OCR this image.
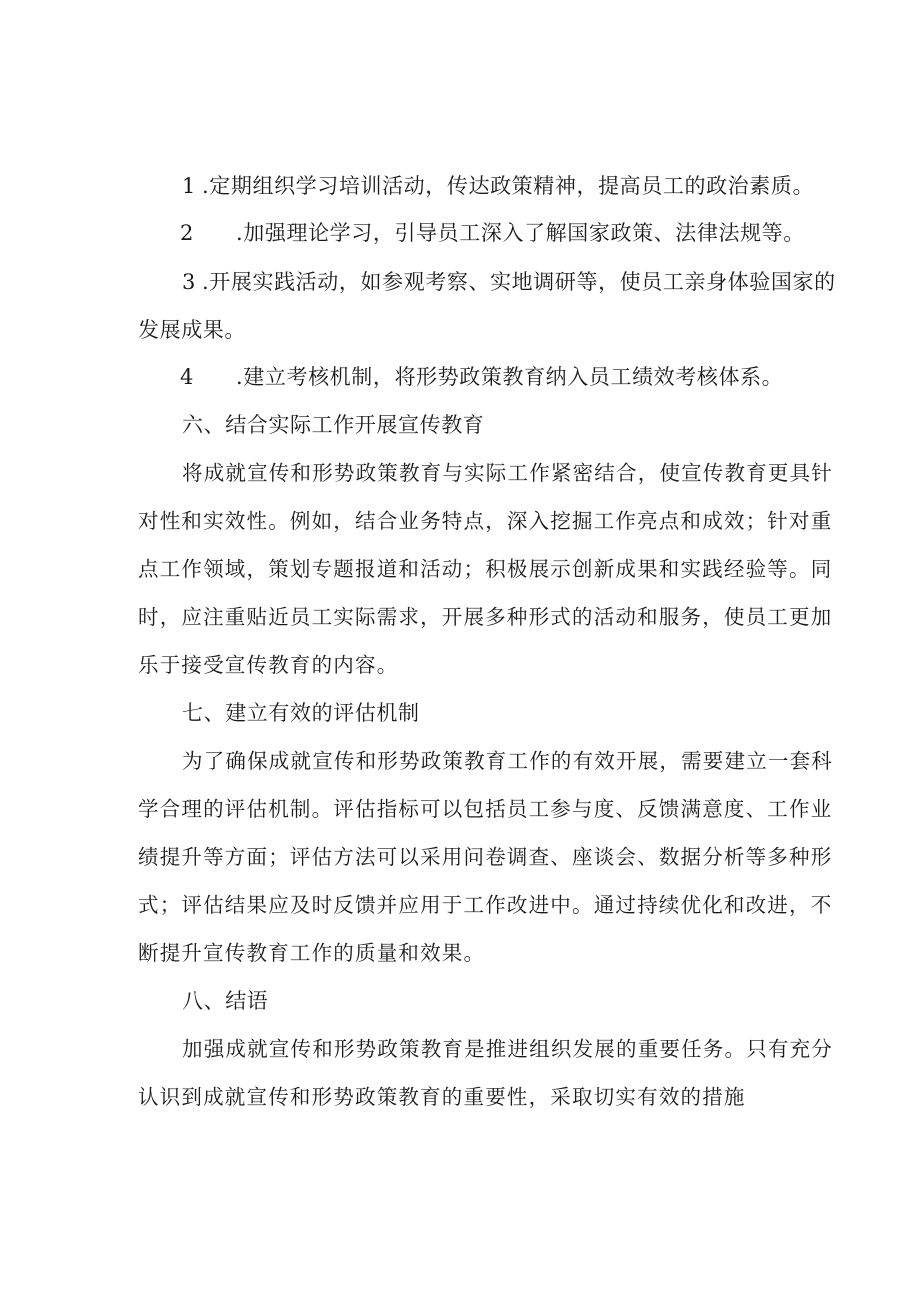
1 .定期组织学习培训活动，传达政策精神，提高员工的政治素质。
2 .加强理论学习，引导员工深入了解国家政策、法律法规等。
3 .开展实践活动，如参观考察、实地调研等，使员工亲身体验国家的
发展成果。
4 .建立考核机制，将形势政策教育纳入员工绩效考核体系。
六、结合实际工作开展宣传教育
将成就宣传和形势政策教育与实际工作紧密结合，使宣传教育更具针
对性和实效性。例如，结合业务特点，深入挖掘工作亮点和成效；针对重
点工作领域，策划专题报道和活动；积极展示创新成果和实践经验等。同
时，应注重贴近员工实际需求，开展多种形式的活动和服务，使员工更加
乐于接受宣传教育的内容。
七、建立有效的评估机制
为了确保成就宣传和形势政策教育工作的有效开展，需要建立一套科
学合理的评估机制。评估指标可以包括员工参与度、反馈满意度、工作业
绩提升等方面；评估方法可以采用问卷调查、座谈会、数据分析等多种形
式；评估结果应及时反馈并应用于工作改进中。通过持续优化和改进，不
断提升宣传教育工作的质量和效果。
八、结语
加强成就宣传和形势政策教育是推进组织发展的重要任务。只有充分
认识到成就宣传和形势政策教育的重要性，采取切实有效的措施
